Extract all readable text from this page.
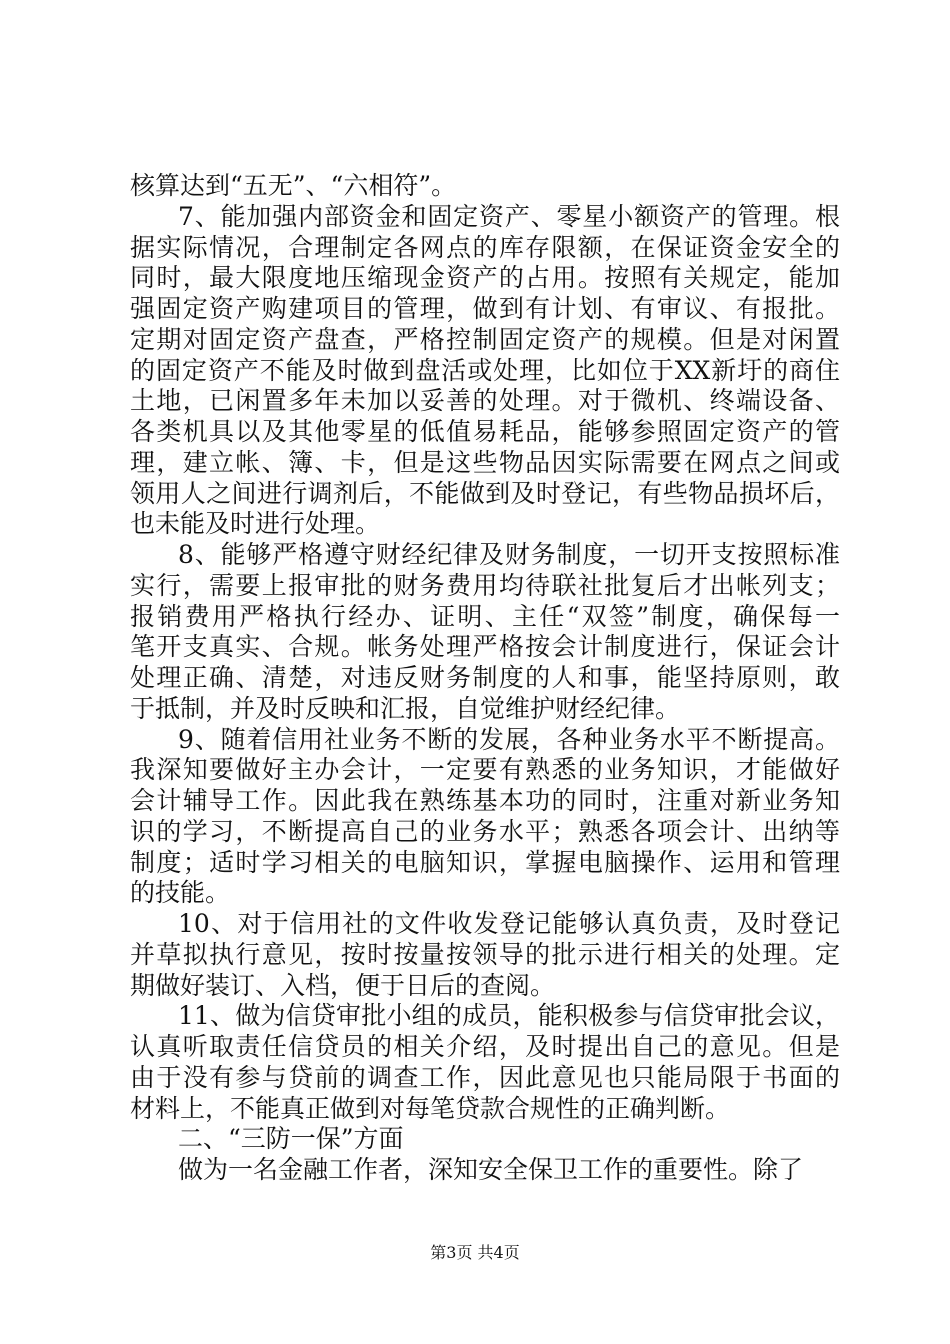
核算达到“五无”、“六相符”。
7、能加强内部资金和固定资产、零星小额资产的管理。根
据实际情况，合理制定各网点的库存限额，在保证资金安全的
同时，最大限度地压缩现金资产的占用。按照有关规定，能加
强固定资产购建项目的管理，做到有计划、有审议、有报批。
定期对固定资产盘查，严格控制固定资产的规模。但是对闲置
的固定资产不能及时做到盘活或处理，比如位于XX新圩的商住
土地，已闲置多年未加以妥善的处理。对于微机、终端设备、
各类机具以及其他零星的低值易耗品，能够参照固定资产的管
理，建立帐、簿、卡，但是这些物品因实际需要在网点之间或
领用人之间进行调剂后，不能做到及时登记，有些物品损坏后，
也未能及时进行处理。
8、能够严格遵守财经纪律及财务制度，一切开支按照标准
实行，需要上报审批的财务费用均待联社批复后才出帐列支；
报销费用严格执行经办、证明、主任“双签”制度，确保每一
笔开支真实、合规。帐务处理严格按会计制度进行，保证会计
处理正确、清楚，对违反财务制度的人和事，能坚持原则，敢
于抵制，并及时反映和汇报，自觉维护财经纪律。
9、随着信用社业务不断的发展，各种业务水平不断提高。
我深知要做好主办会计，一定要有熟悉的业务知识，才能做好
会计辅导工作。因此我在熟练基本功的同时，注重对新业务知
识的学习，不断提高自己的业务水平；熟悉各项会计、出纳等
制度；适时学习相关的电脑知识，掌握电脑操作、运用和管理
的技能。
10、对于信用社的文件收发登记能够认真负责，及时登记
并草拟执行意见，按时按量按领导的批示进行相关的处理。定
期做好装订、入档，便于日后的查阅。
11、做为信贷审批小组的成员，能积极参与信贷审批会议，
认真听取责任信贷员的相关介绍，及时提出自己的意见。但是
由于没有参与贷前的调查工作，因此意见也只能局限于书面的
材料上，不能真正做到对每笔贷款合规性的正确判断。
二、“三防一保”方面
做为一名金融工作者，深知安全保卫工作的重要性。除了
第3页 共4页
